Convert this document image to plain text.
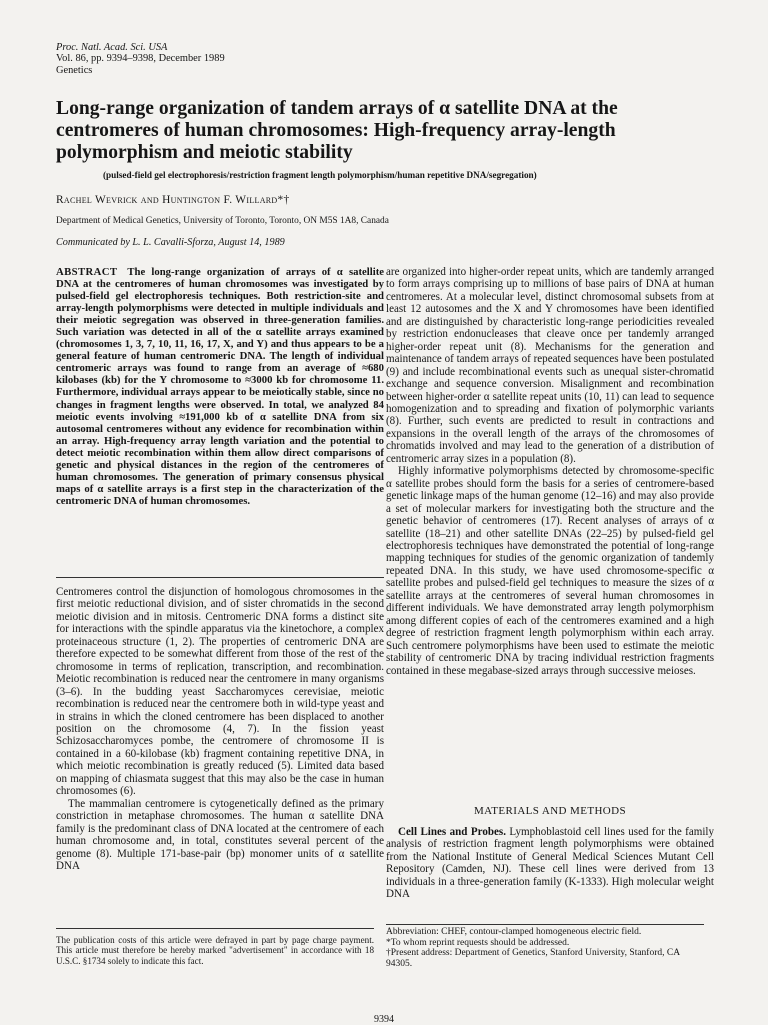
Proc. Natl. Acad. Sci. USA
Vol. 86, pp. 9394–9398, December 1989
Genetics
Long-range organization of tandem arrays of α satellite DNA at the centromeres of human chromosomes: High-frequency array-length polymorphism and meiotic stability
(pulsed-field gel electrophoresis/restriction fragment length polymorphism/human repetitive DNA/segregation)
Rachel Wevrick and Huntington F. Willard*†
Department of Medical Genetics, University of Toronto, Toronto, ON M5S 1A8, Canada
Communicated by L. L. Cavalli-Sforza, August 14, 1989
ABSTRACT The long-range organization of arrays of α satellite DNA at the centromeres of human chromosomes was investigated by pulsed-field gel electrophoresis techniques. Both restriction-site and array-length polymorphisms were detected in multiple individuals and their meiotic segregation was observed in three-generation families. Such variation was detected in all of the α satellite arrays examined (chromosomes 1, 3, 7, 10, 11, 16, 17, X, and Y) and thus appears to be a general feature of human centromeric DNA. The length of individual centromeric arrays was found to range from an average of ≈680 kilobases (kb) for the Y chromosome to ≈3000 kb for chromosome 11. Furthermore, individual arrays appear to be meiotically stable, since no changes in fragment lengths were observed. In total, we analyzed 84 meiotic events involving ≈191,000 kb of α satellite DNA from six autosomal centromeres without any evidence for recombination within an array. High-frequency array length variation and the potential to detect meiotic recombination within them allow direct comparisons of genetic and physical distances in the region of the centromeres of human chromosomes. The generation of primary consensus physical maps of α satellite arrays is a first step in the characterization of the centromeric DNA of human chromosomes.

Centromeres control the disjunction of homologous chromosomes in the first meiotic reductional division, and of sister chromatids in the second meiotic division and in mitosis. Centromeric DNA forms a distinct site for interactions with the spindle apparatus via the kinetochore, a complex proteinaceous structure (1, 2). The properties of centromeric DNA are therefore expected to be somewhat different from those of the rest of the chromosome in terms of replication, transcription, and recombination. Meiotic recombination is reduced near the centromere in many organisms (3–6). In the budding yeast Saccharomyces cerevisiae, meiotic recombination is reduced near the centromere both in wild-type yeast and in strains in which the cloned centromere has been displaced to another position on the chromosome (4, 7). In the fission yeast Schizosaccharomyces pombe, the centromere of chromosome II is contained in a 60-kilobase (kb) fragment containing repetitive DNA, in which meiotic recombination is greatly reduced (5). Limited data based on mapping of chiasmata suggest that this may also be the case in human chromosomes (6).

The mammalian centromere is cytogenetically defined as the primary constriction in metaphase chromosomes. The human α satellite DNA family is the predominant class of DNA located at the centromere of each human chromosome and, in total, constitutes several percent of the genome (8). Multiple 171-base-pair (bp) monomer units of α satellite DNA

are organized into higher-order repeat units, which are tandemly arranged to form arrays comprising up to millions of base pairs of DNA at human centromeres. At a molecular level, distinct chromosomal subsets from at least 12 autosomes and the X and Y chromosomes have been identified and are distinguished by characteristic long-range periodicities revealed by restriction endonucleases that cleave once per tandemly arranged higher-order repeat unit (8). Mechanisms for the generation and maintenance of tandem arrays of repeated sequences have been postulated (9) and include recombinational events such as unequal sister-chromatid exchange and sequence conversion. Misalignment and recombination between higher-order α satellite repeat units (10, 11) can lead to sequence homogenization and to spreading and fixation of polymorphic variants (8). Further, such events are predicted to result in contractions and expansions in the overall length of the arrays of the chromosomes of chromatids involved and may lead to the generation of a distribution of centromeric array sizes in a population (8).

Highly informative polymorphisms detected by chromosome-specific α satellite probes should form the basis for a series of centromere-based genetic linkage maps of the human genome (12–16) and may also provide a set of molecular markers for investigating both the structure and the genetic behavior of centromeres (17). Recent analyses of arrays of α satellite (18–21) and other satellite DNAs (22–25) by pulsed-field gel electrophoresis techniques have demonstrated the potential of long-range mapping techniques for studies of the genomic organization of tandemly repeated DNA. In this study, we have used chromosome-specific α satellite probes and pulsed-field gel techniques to measure the sizes of α satellite arrays at the centromeres of several human chromosomes in different individuals. We have demonstrated array length polymorphism among different copies of each of the centromeres examined and a high degree of restriction fragment length polymorphism within each array. Such centromere polymorphisms have been used to estimate the meiotic stability of centromeric DNA by tracing individual restriction fragments contained in these megabase-sized arrays through successive meioses.

MATERIALS AND METHODS

Cell Lines and Probes. Lymphoblastoid cell lines used for the family analysis of restriction fragment length polymorphisms were obtained from the National Institute of General Medical Sciences Mutant Cell Repository (Camden, NJ). These cell lines were derived from 13 individuals in a three-generation family (K-1333). High molecular weight DNA

The publication costs of this article were defrayed in part by page charge payment. This article must therefore be hereby marked "advertisement" in accordance with 18 U.S.C. §1734 solely to indicate this fact.
Abbreviation: CHEF, contour-clamped homogeneous electric field.
*To whom reprint requests should be addressed.
†Present address: Department of Genetics, Stanford University, Stanford, CA 94305.
9394
